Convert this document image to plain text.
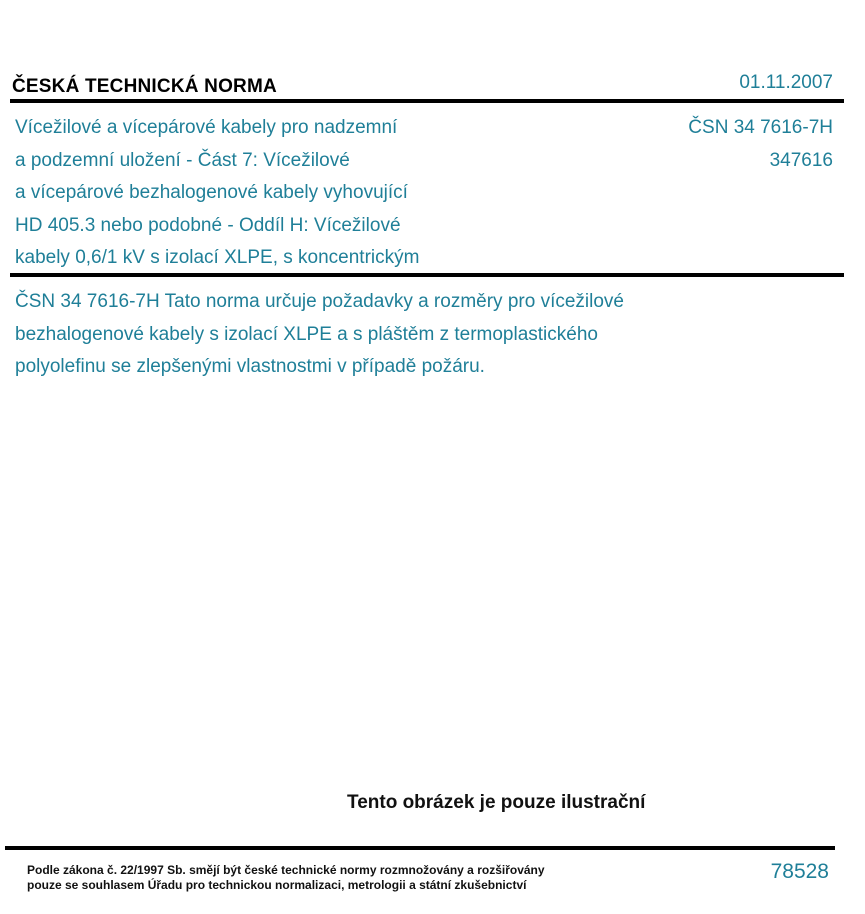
ČESKÁ TECHNICKÁ NORMA	01.11.2007
Vícežilové a vícepárové kabely pro nadzemní
a podzemní uložení - Část 7: Vícežilové
a vícepárové bezhalogenové kabely vyhovující
HD 405.3 nebo podobné - Oddíl H: Vícežilové
kabely 0,6/1 kV s izolací XLPE, s koncentrickým
ČSN 34 7616-7H
347616
ČSN 34 7616-7H Tato norma určuje požadavky a rozměry pro vícežilové
bezhalogenové kabely s izolací XLPE a s pláštěm z termoplastického
polyolefinu se zlepšenými vlastnostmi v případě požáru.
Tento obrázek je pouze ilustrační
Podle zákona č. 22/1997 Sb. smějí být české technické normy rozmnožovány a rozšiřovány
pouze se souhlasem Úřadu pro technickou normalizaci, metrologii a státní zkušebnictví
78528
